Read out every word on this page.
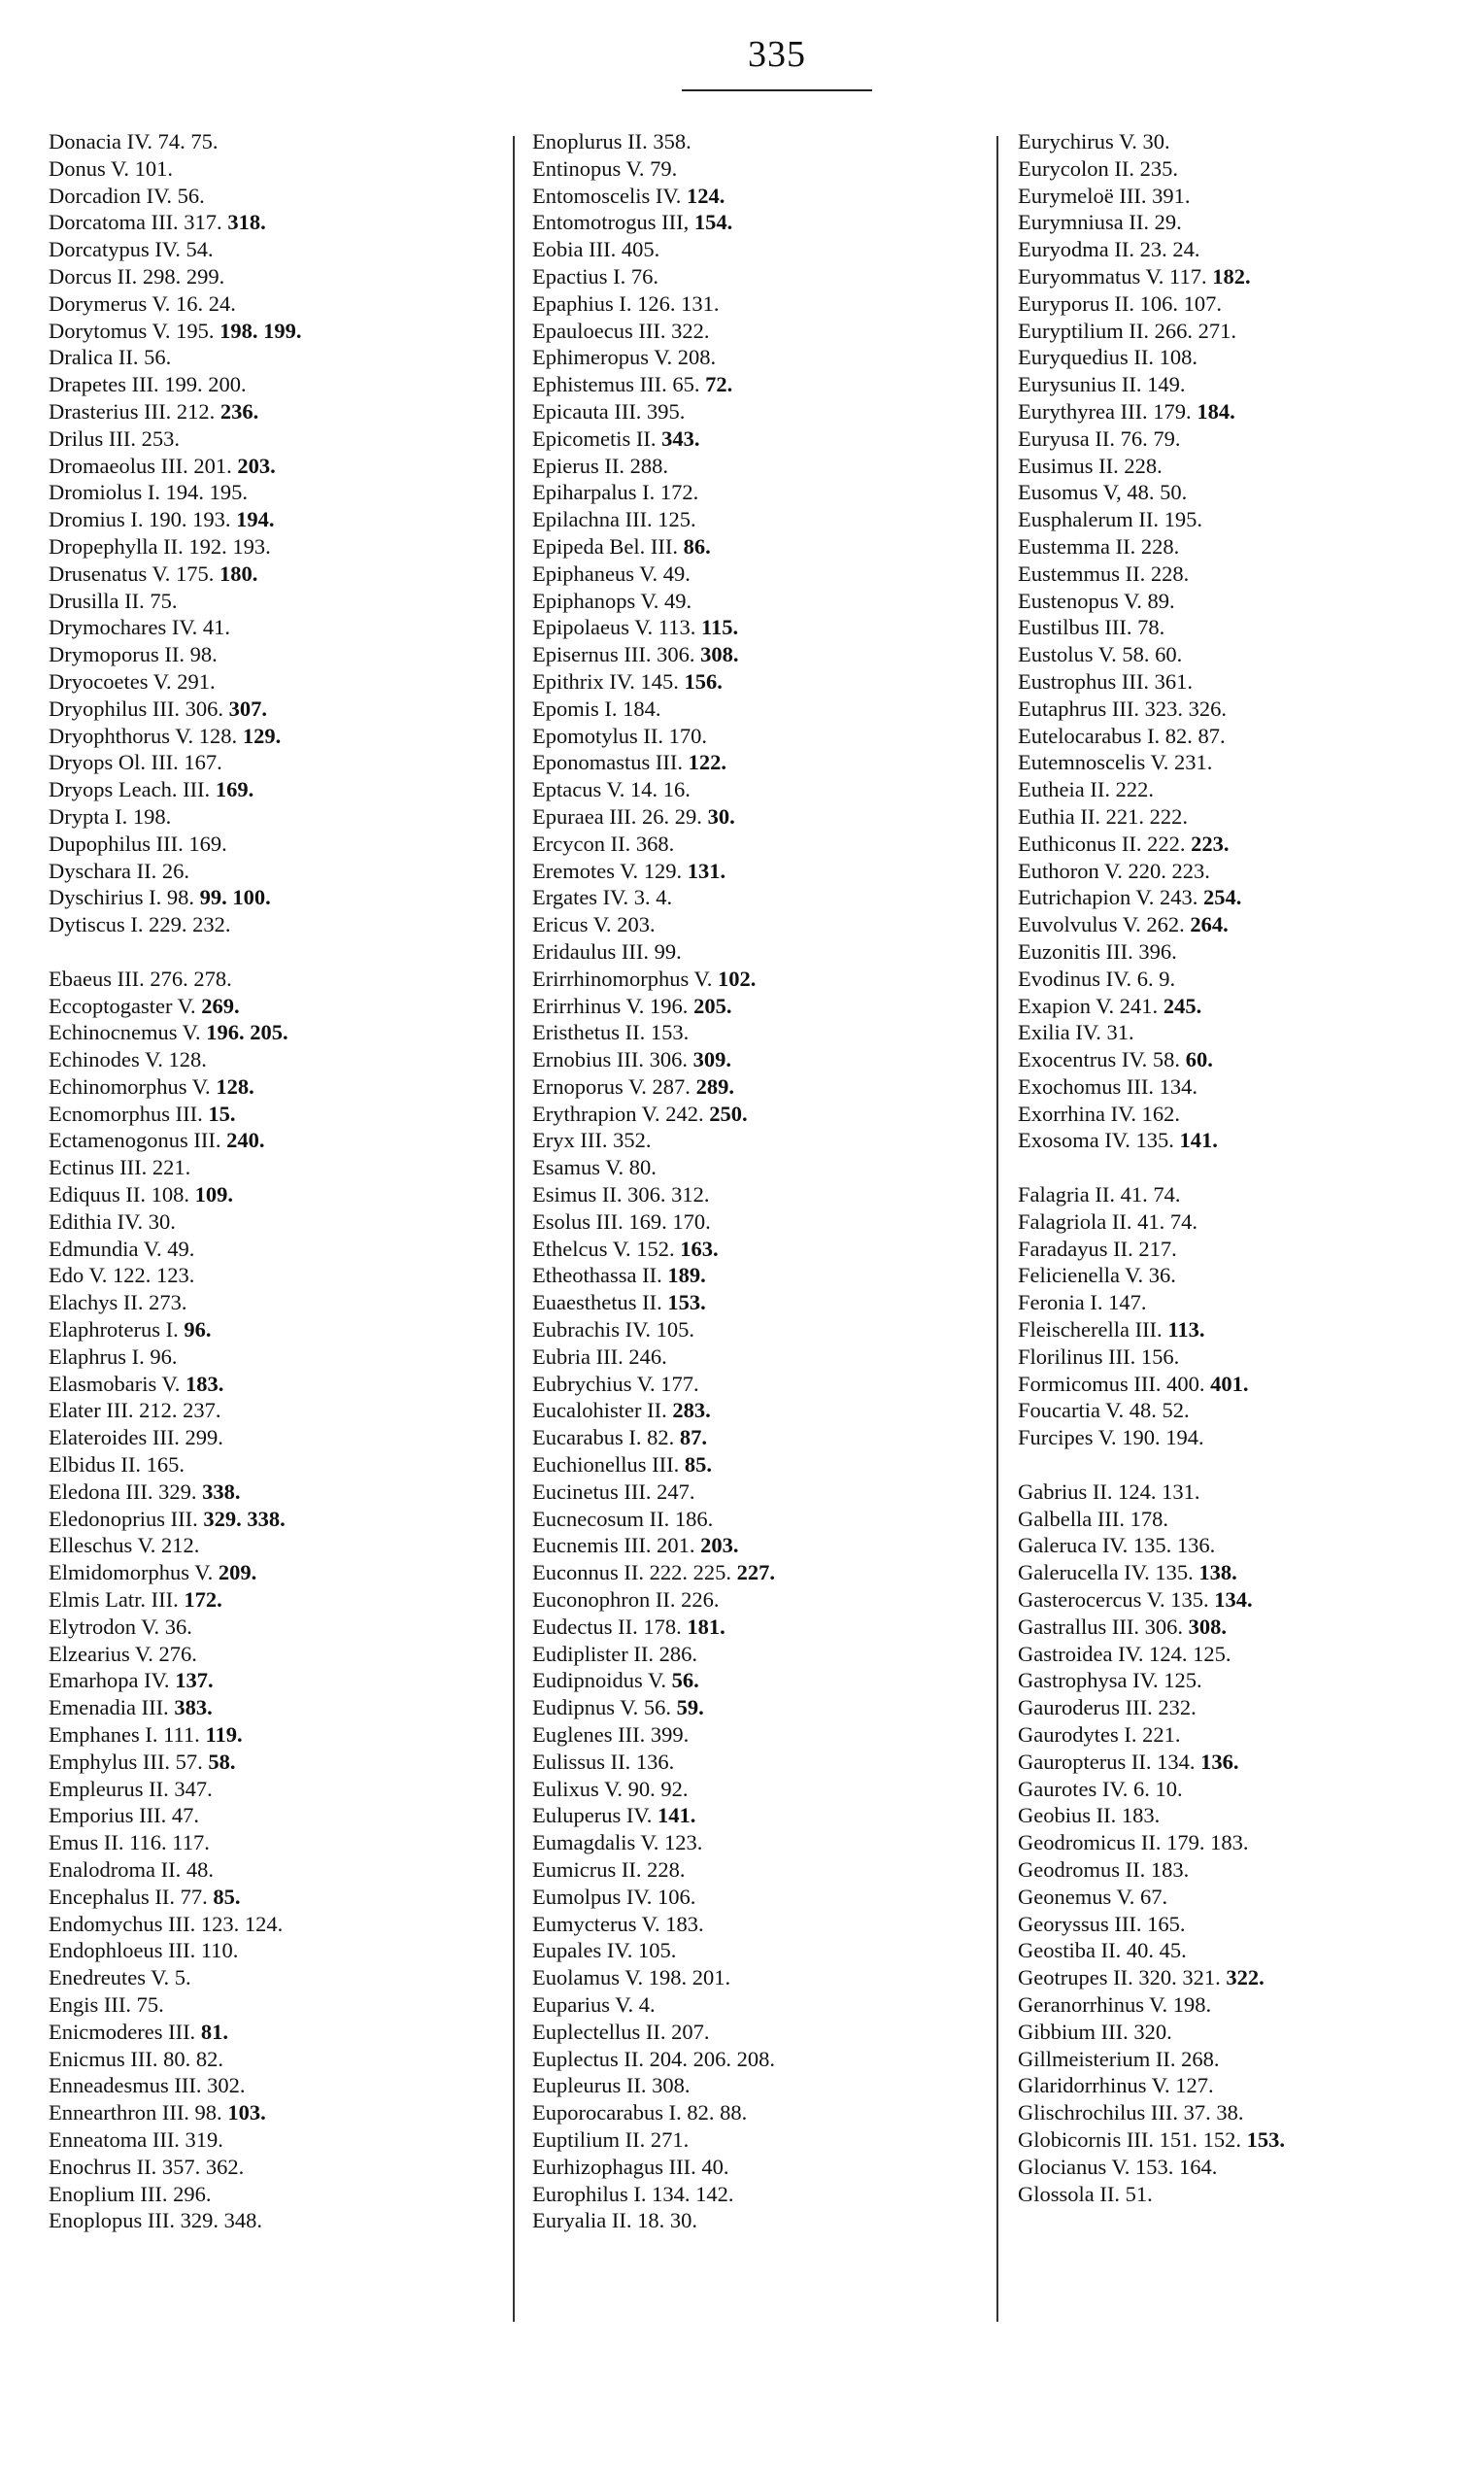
335
Donacia IV. 74. 75.
Donus V. 101.
Dorcadion IV. 56.
Dorcatoma III. 317. 318.
Dorcatypus IV. 54.
Dorcus II. 298. 299.
Dorymerus V. 16. 24.
Dorytomus V. 195. 198. 199.
Dralica II. 56.
Drapetes III. 199. 200.
Drasterius III. 212. 236.
Drilus III. 253.
Dromaeolus III. 201. 203.
Dromiolus I. 194. 195.
Dromius I. 190. 193. 194.
Dropephylla II. 192. 193.
Drusenatus V. 175. 180.
Drusilla II. 75.
Drymochares IV. 41.
Drymoporus II. 98.
Dryocoetes V. 291.
Dryophilus III. 306. 307.
Dryophthorus V. 128. 129.
Dryops Ol. III. 167.
Dryops Leach. III. 169.
Drypta I. 198.
Dupophilus III. 169.
Dyschara II. 26.
Dyschirius I. 98. 99. 100.
Dytiscus I. 229. 232.
Ebaeus III. 276. 278.
Eccoptogaster V. 269.
Echinocnemus V. 196. 205.
Echinodes V. 128.
Echinomorphus V. 128.
Ecnomorphus III. 15.
Ectamenogonus III. 240.
Ectinus III. 221.
Ediquus II. 108. 109.
Edithia IV. 30.
Edmundia V. 49.
Edo V. 122. 123.
Elachys II. 273.
Elaphroterus I. 96.
Elaphrus I. 96.
Elasmobaris V. 183.
Elater III. 212. 237.
Elateroides III. 299.
Elbidus II. 165.
Eledona III. 329. 338.
Eledonoprius III. 329. 338.
Elleschus V. 212.
Elmidomorphus V. 209.
Elmis Latr. III. 172.
Elytrodon V. 36.
Elzearius V. 276.
Emarhopa IV. 137.
Emenadia III. 383.
Emphanes I. 111. 119.
Emphylus III. 57. 58.
Empleurus II. 347.
Emporius III. 47.
Emus II. 116. 117.
Enalodroma II. 48.
Encephalus II. 77. 85.
Endomychus III. 123. 124.
Endophloeus III. 110.
Enedreutes V. 5.
Engis III. 75.
Enicmoderes III. 81.
Enicmus III. 80. 82.
Enneadesmus III. 302.
Ennearthron III. 98. 103.
Enneatoma III. 319.
Enochrus II. 357. 362.
Enoplium III. 296.
Enoplopus III. 329. 348.
Enoplurus II. 358.
Entinopus V. 79.
Entomoscelis IV. 124.
Entomotrogus III, 154.
Eobia III. 405.
Epactius I. 76.
Epaphius I. 126. 131.
Epauloecus III. 322.
Ephimeropus V. 208.
Ephistemus III. 65. 72.
Epicauta III. 395.
Epicometis II. 343.
Epierus II. 288.
Epiharpalus I. 172.
Epilachna III. 125.
Epipeda Bel. III. 86.
Epiphaneus V. 49.
Epiphanops V. 49.
Epipolaeus V. 113. 115.
Episernus III. 306. 308.
Epithrix IV. 145. 156.
Epomis I. 184.
Epomotylus II. 170.
Eponomastus III. 122.
Eptacus V. 14. 16.
Epuraea III. 26. 29. 30.
Ercycon II. 368.
Eremotes V. 129. 131.
Ergates IV. 3. 4.
Ericus V. 203.
Eridaulus III. 99.
Erirrhinomorphus V. 102.
Erirrhinus V. 196. 205.
Eristhetus II. 153.
Ernobius III. 306. 309.
Ernoporus V. 287. 289.
Erythrapion V. 242. 250.
Eryx III. 352.
Esamus V. 80.
Esimus II. 306. 312.
Esolus III. 169. 170.
Ethelcus V. 152. 163.
Etheothassa II. 189.
Euaesthetus II. 153.
Eubrachis IV. 105.
Eubria III. 246.
Eubrychius V. 177.
Eucalohister II. 283.
Eucarabus I. 82. 87.
Euchionellus III. 85.
Eucinetus III. 247.
Eucnecosum II. 186.
Eucnemis III. 201. 203.
Euconnus II. 222. 225. 227.
Euconophron II. 226.
Eudectus II. 178. 181.
Eudiplister II. 286.
Eudipnoidus V. 56.
Eudipnus V. 56. 59.
Euglenes III. 399.
Eulissus II. 136.
Eulixus V. 90. 92.
Euluperus IV. 141.
Eumagdalis V. 123.
Eumicrus II. 228.
Eumolpus IV. 106.
Eumycterus V. 183.
Eupales IV. 105.
Euolamus V. 198. 201.
Euparius V. 4.
Euplectellus II. 207.
Euplectus II. 204. 206. 208.
Eupleurus II. 308.
Euporocarabus I. 82. 88.
Euptilium II. 271.
Eurhizophagus III. 40.
Europhilus I. 134. 142.
Euryalia II. 18. 30.
Eurychirus V. 30.
Eurycolon II. 235.
Eurymeloë III. 391.
Eurymniusa II. 29.
Euryodma II. 23. 24.
Euryommatus V. 117. 182.
Euryporus II. 106. 107.
Euryptilium II. 266. 271.
Euryquedius II. 108.
Eurysunius II. 149.
Eurythyrea III. 179. 184.
Euryusa II. 76. 79.
Eusimus II. 228.
Eusomus V, 48. 50.
Eusphalerum II. 195.
Eustemma II. 228.
Eustemmus II. 228.
Eustenopus V. 89.
Eustilbus III. 78.
Eustolus V. 58. 60.
Eustrophus III. 361.
Eutaphrus III. 323. 326.
Eutelocarabus I. 82. 87.
Eutemnoscelis V. 231.
Eutheia II. 222.
Euthia II. 221. 222.
Euthiconus II. 222. 223.
Euthoron V. 220. 223.
Eutrichapion V. 243. 254.
Euvolvulus V. 262. 264.
Euzonitis III. 396.
Evodinus IV. 6. 9.
Exapion V. 241. 245.
Exilia IV. 31.
Exocentrus IV. 58. 60.
Exochomus III. 134.
Exorrhina IV. 162.
Exosoma IV. 135. 141.
Falagria II. 41. 74.
Falagriola II. 41. 74.
Faradayus II. 217.
Felicienella V. 36.
Feronia I. 147.
Fleischerella III. 113.
Florilinus III. 156.
Formicomus III. 400. 401.
Foucartia V. 48. 52.
Furcipes V. 190. 194.
Gabrius II. 124. 131.
Galbella III. 178.
Galeruca IV. 135. 136.
Galerucella IV. 135. 138.
Gasterocercus V. 135. 134.
Gastrallus III. 306. 308.
Gastroidea IV. 124. 125.
Gastrophysa IV. 125.
Gauroderus III. 232.
Gaurodytes I. 221.
Gauropterus II. 134. 136.
Gaurotes IV. 6. 10.
Geobius II. 183.
Geodromicus II. 179. 183.
Geodromus II. 183.
Geonemus V. 67.
Georyssus III. 165.
Geostiba II. 40. 45.
Geotrupes II. 320. 321. 322.
Geranorrhinus V. 198.
Gibbium III. 320.
Gillmeisterium II. 268.
Glaridorrhinus V. 127.
Glischrochilus III. 37. 38.
Globicornis III. 151. 152. 153.
Glocianus V. 153. 164.
Glossola II. 51.
